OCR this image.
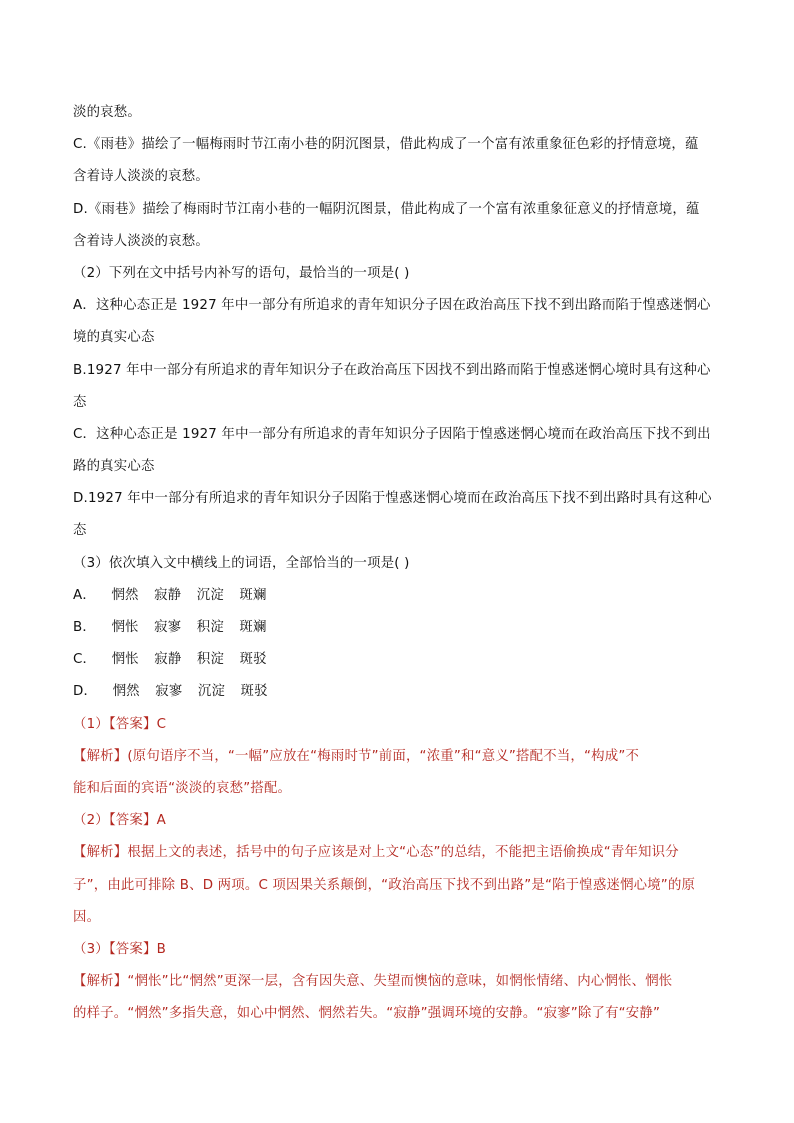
淡的哀愁。
C.《雨巷》描绘了一幅梅雨时节江南小巷的阴沉图景，借此构成了一个富有浓重象征色彩的抒情意境，蕴
含着诗人淡淡的哀愁。
D.《雨巷》描绘了梅雨时节江南小巷的一幅阴沉图景，借此构成了一个富有浓重象征意义的抒情意境，蕴
含着诗人淡淡的哀愁。
（2）下列在文中括号内补写的语句，最恰当的一项是( )
A．这种心态正是 1927 年中一部分有所追求的青年知识分子因在政治高压下找不到出路而陷于惶惑迷惘心
境的真实心态
B.1927 年中一部分有所追求的青年知识分子在政治高压下因找不到出路而陷于惶惑迷惘心境时具有这种心
态
C．这种心态正是 1927 年中一部分有所追求的青年知识分子因陷于惶惑迷惘心境而在政治高压下找不到出
路的真实心态
D.1927 年中一部分有所追求的青年知识分子因陷于惶惑迷惘心境而在政治高压下找不到出路时具有这种心
态
（3）依次填入文中横线上的词语，全部恰当的一项是( )
A． 惘然 寂静 沉淀 斑斓
B． 惘怅 寂寥 积淀 斑斓
C． 惘怅 寂静 积淀 斑驳
D． 惘然 寂寥 沉淀 斑驳
（1）【答案】C
【解析】(原句语序不当，“一幅”应放在“梅雨时节”前面，“浓重”和“意义”搭配不当，“构成”不
能和后面的宾语“淡淡的哀愁”搭配。
（2）【答案】A
【解析】根据上文的表述，括号中的句子应该是对上文“心态”的总结，不能把主语偷换成“青年知识分
子”，由此可排除 B、D 两项。C 项因果关系颠倒，“政治高压下找不到出路”是“陷于惶惑迷惘心境”的原
因。
（3）【答案】B
【解析】“惘怅”比“惘然”更深一层，含有因失意、失望而懊恼的意味，如惘怅情绪、内心惘怅、惘怅
的样子。“惘然”多指失意，如心中惘然、惘然若失。“寂静”强调环境的安静。“寂寥”除了有“安静”
